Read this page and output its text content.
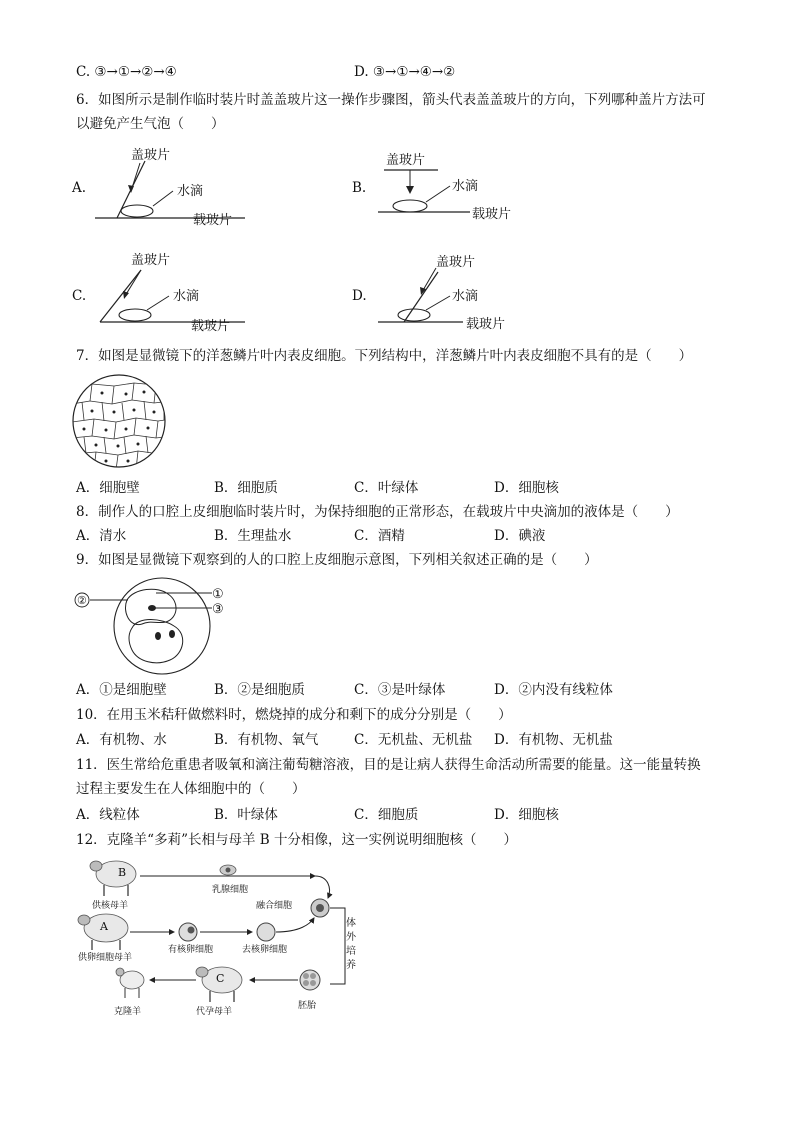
C. ③→①→②→④	D. ③→①→④→②
6．如图所示是制作临时装片时盖盖玻片这一操作步骤图，箭头代表盖盖玻片的方向，下列哪种盖片方法可
以避免产生气泡（　　）
A.
盖玻片
水滴
载玻片
B.
盖玻片
水滴
载玻片
C.
盖玻片
水滴
载玻片
D.
盖玻片
水滴
载玻片
7．如图是显微镜下的洋葱鳞片叶内表皮细胞。下列结构中，洋葱鳞片叶内表皮细胞不具有的是（　　）
A．细胞壁	B．细胞质	C．叶绿体	D．细胞核
8．制作人的口腔上皮细胞临时装片时，为保持细胞的正常形态，在载玻片中央滴加的液体是（　　）
A．清水	B．生理盐水	C．酒精	D．碘液
9．如图是显微镜下观察到的人的口腔上皮细胞示意图，下列相关叙述正确的是（　　）
②	①
③
A．①是细胞壁	B．②是细胞质	C．③是叶绿体	D．②内没有线粒体
10．在用玉米秸秆做燃料时，燃烧掉的成分和剩下的成分分别是（　　）
A．有机物、水	B．有机物、氧气	C．无机盐、无机盐 D．有机物、无机盐
11．医生常给危重患者吸氧和滴注葡萄糖溶液，目的是让病人获得生命活动所需要的能量。这一能量转换
过程主要发生在人体细胞中的（　　）
A．线粒体	B．叶绿体	C．细胞质	D．细胞核
12．克隆羊“多莉”长相与母羊 B 十分相像，这一实例说明细胞核（　　）
B
供核母羊
乳腺细胞
融合细胞
体
外
培
养
A
供卵细胞母羊
有核卵细胞	去核卵细胞
胚胎
C
代孕母羊
克隆羊
